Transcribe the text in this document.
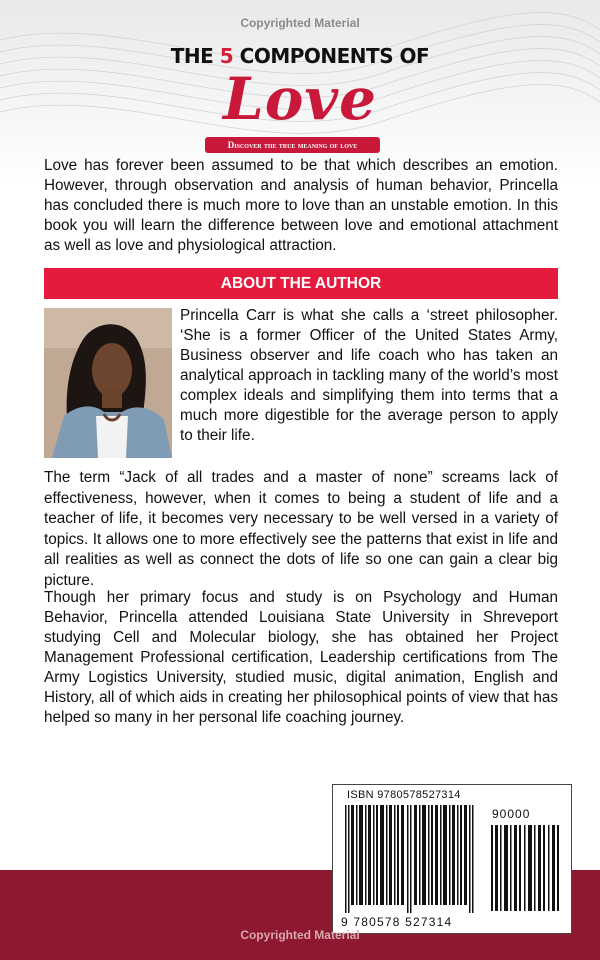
Copyrighted Material
THE 5 COMPONENTS OF
Love
Discover the true meaning of love

Love has forever been assumed to be that which describes an emotion. However, through observation and analysis of human behavior, Princella has concluded there is much more to love than an unstable emotion. In this book you will learn the difference between love and emotional attachment as well as love and physiological attraction.

ABOUT THE AUTHOR

Princella Carr is what she calls a ‘street philosopher. ‘She is a former Officer of the United States Army, Business observer and life coach who has taken an analytical approach in tackling many of the world’s most complex ideals and simplifying them into terms that a much more digestible for the average person to apply to their life.

The term “Jack of all trades and a master of none” screams lack of effectiveness, however, when it comes to being a student of life and a teacher of life, it becomes very necessary to be well versed in a variety of topics. It allows one to more effectively see the patterns that exist in life and all realities as well as connect the dots of life so one can gain a clear big picture.

Though her primary focus and study is on Psychology and Human Behavior, Princella attended Louisiana State University in Shreveport studying Cell and Molecular biology, she has obtained her Project Management Professional certification, Leadership certifications from The Army Logistics University, studied music, digital animation, English and History, all of which aids in creating her philosophical points of view that has helped so many in her personal life coaching journey.

ISBN 9780578527314
90000
9 780578 527314
Copyrighted Material
